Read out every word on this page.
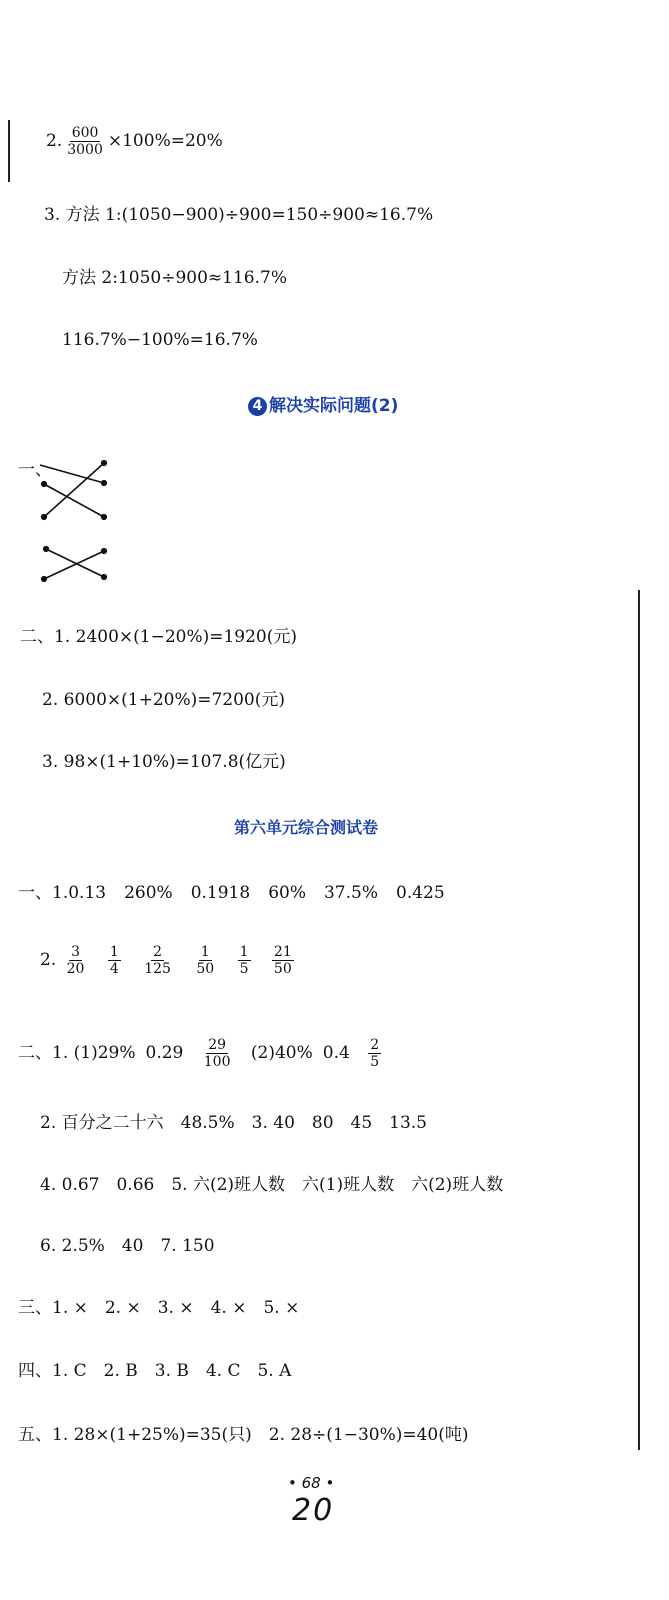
2. $\frac{600}{3000} \times 100\%=20\%$
3. 方法 1:(1050−900)÷900=150÷900≈16.7%
方法 2:1050÷900≈116.7%
116.7%−100%=16.7%
4 解决实际问题(2)
一、
二、1. 2400×(1−20%)=1920(元)
2. 6000×(1+20%)=7200(元)
3. 98×(1+10%)=107.8(亿元)
第六单元综合测试卷
一、1.0.13 260% 0.1918 60% 37.5% 0.425
2. $\frac{3}{20}$
$\frac{1}{4}$
$\frac{2}{125}$
$\frac{1}{50}$
$\frac{1}{5}$
$\frac{21}{50}$
二、1. (1)29% $0.29 \frac{29}{100} (2)40\%$ $0.4 \frac{2}{5}$
2. 百分之二十六　48.5%　3. 40　80　45　13.5
4. 0.67　0.66　5. 六(2)班人数　六(1)班人数　六(2)班人数
6. 2.5%　40　7. 150
三、1. ×　2. ×　3. ×　4. ×　5. ×
四、1. C　2. B　3. B　4. C　5. A
五、1. 28×(1+25%)=35(只)　2. 28÷(1−30%)=40(吨)
• 68 •
20
